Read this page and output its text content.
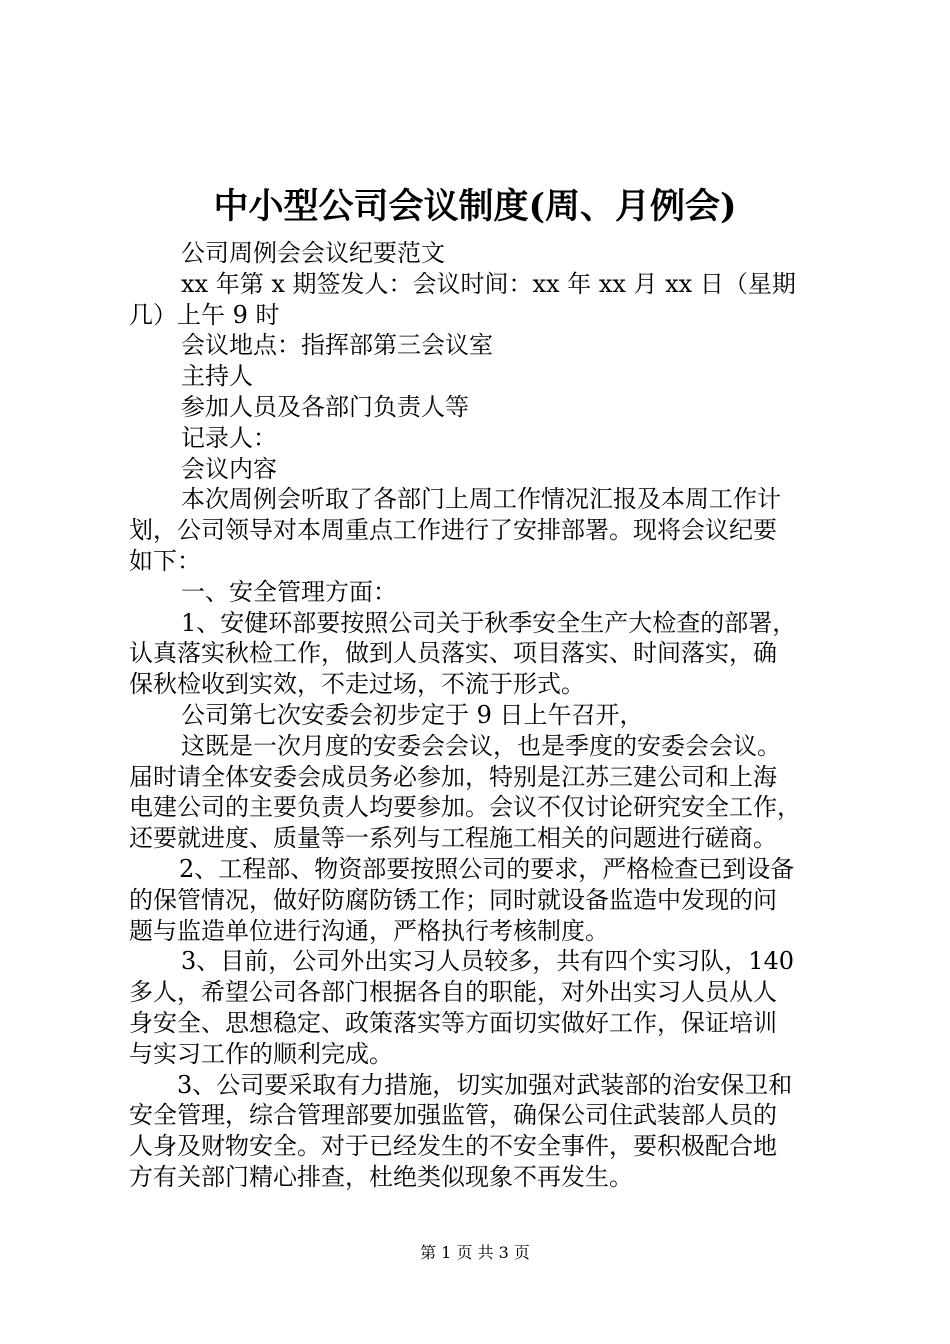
中小型公司会议制度(周、月例会)
公司周例会会议纪要范文
xx 年第 x 期签发人：会议时间：xx 年 xx 月 xx 日（星期
几）上午 9 时
会议地点：指挥部第三会议室
主持人
参加人员及各部门负责人等
记录人：
会议内容
本次周例会听取了各部门上周工作情况汇报及本周工作计
划，公司领导对本周重点工作进行了安排部署。现将会议纪要
如下：
一、安全管理方面：
1、安健环部要按照公司关于秋季安全生产大检查的部署，
认真落实秋检工作，做到人员落实、项目落实、时间落实，确
保秋检收到实效，不走过场，不流于形式。
公司第七次安委会初步定于 9 日上午召开，
这既是一次月度的安委会会议，也是季度的安委会会议。
届时请全体安委会成员务必参加，特别是江苏三建公司和上海
电建公司的主要负责人均要参加。会议不仅讨论研究安全工作，
还要就进度、质量等一系列与工程施工相关的问题进行磋商。
2、工程部、物资部要按照公司的要求，严格检查已到设备
的保管情况，做好防腐防锈工作；同时就设备监造中发现的问
题与监造单位进行沟通，严格执行考核制度。
3、目前，公司外出实习人员较多，共有四个实习队，140
多人，希望公司各部门根据各自的职能，对外出实习人员从人
身安全、思想稳定、政策落实等方面切实做好工作，保证培训
与实习工作的顺利完成。
3、公司要采取有力措施，切实加强对武装部的治安保卫和
安全管理，综合管理部要加强监管，确保公司住武装部人员的
人身及财物安全。对于已经发生的不安全事件，要积极配合地
方有关部门精心排查，杜绝类似现象不再发生。
第 1 页 共 3 页
